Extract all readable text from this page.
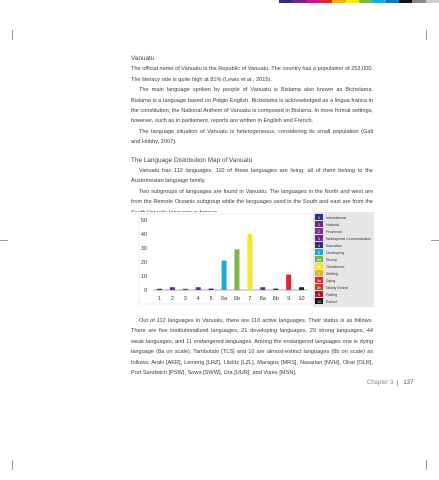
Vanuatu

The official name of Vanuatu is the Republic of Vanuatu. The country has a population of 253,000. The literacy rate is quite high at 81% (Lewis et al., 2015).

The main language spoken by people of Vanuatu is Bislama also known as Bichelama. Bislama is a language based on Pidgin English. Bichelama is acknowledged as a lingua franca in the constitution; the National Anthem of Vanuatu is composed in Bislama. In more formal settings, however, such as in parliament, reports are written in English and French.

The language situation of Vanuatu is heterogeneous, considering its small population (Gall and Hobby, 2007).

The Language Distribution Map of Vanuatu

Vanuatu has 112 languages. 110 of these languages are living; all of them belong to the Austronesian language family.

Two subgroups of languages are found in Vanuatu. The languages in the North and west are from the Remote Oceanic subgroup while the languages used in the South and east are from the

0
10
20
30
40
50
1 2 3 4 5 6a 6b 7 8a 8b 9 10
0 International
1 National
2 Provincial
3 Widespread Communication
4 Education
5 Developing
6a Strong
6b Threatened
7 Shifting
8a Dying
8b Nearly Extinct
9 Fading
10 Extinct

Out of 112 languages in Vanuatu, there are 110 active languages. Their status is as follows. There are five institutionalized languages, 21 developing languages, 29 strong languages, 44 weak languages, and 11 endangered languages. Among the endangered languages one is dying language (8a on scale), Tambotalo [TLS] and 10 are almost-extinct languages (8b on scale) as follows: Araki [AKR], Lemerig [LRZ], Litzlitz [LZL], Maragus [MRS], Nasarian [NVH], Olrat [OLR], Port Sandwich [PSW], Sowa [SWW], Ura [UUR], and Vurës [MSN].

Chapter 3 137
